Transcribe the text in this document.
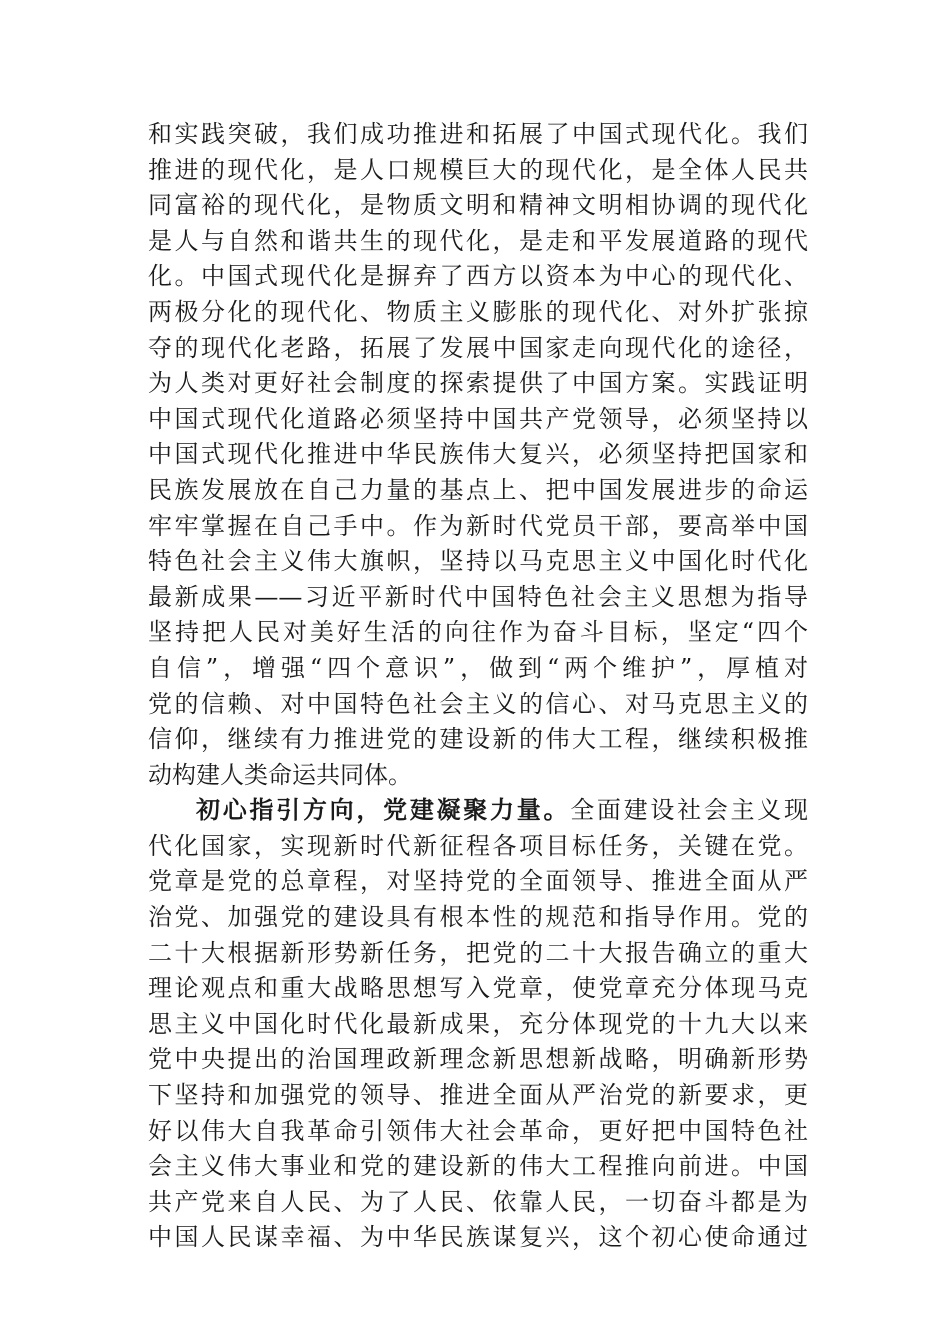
和实践突破，我们成功推进和拓展了中国式现代化。我们
推进的现代化，是人口规模巨大的现代化，是全体人民共
同富裕的现代化，是物质文明和精神文明相协调的现代化
是人与自然和谐共生的现代化，是走和平发展道路的现代
化。中国式现代化是摒弃了西方以资本为中心的现代化、
两极分化的现代化、物质主义膨胀的现代化、对外扩张掠
夺的现代化老路，拓展了发展中国家走向现代化的途径，
为人类对更好社会制度的探索提供了中国方案。实践证明
中国式现代化道路必须坚持中国共产党领导，必须坚持以
中国式现代化推进中华民族伟大复兴，必须坚持把国家和
民族发展放在自己力量的基点上、把中国发展进步的命运
牢牢掌握在自己手中。作为新时代党员干部，要高举中国
特色社会主义伟大旗帜，坚持以马克思主义中国化时代化
最新成果——习近平新时代中国特色社会主义思想为指导
坚持把人民对美好生活的向往作为奋斗目标，坚定“四个
自信”，增强“四个意识”，做到“两个维护”，厚植对
党的信赖、对中国特色社会主义的信心、对马克思主义的
信仰，继续有力推进党的建设新的伟大工程，继续积极推
动构建人类命运共同体。
初心指引方向，党建凝聚力量。全面建设社会主义现
代化国家，实现新时代新征程各项目标任务，关键在党。
党章是党的总章程，对坚持党的全面领导、推进全面从严
治党、加强党的建设具有根本性的规范和指导作用。党的
二十大根据新形势新任务，把党的二十大报告确立的重大
理论观点和重大战略思想写入党章，使党章充分体现马克
思主义中国化时代化最新成果，充分体现党的十九大以来
党中央提出的治国理政新理念新思想新战略，明确新形势
下坚持和加强党的领导、推进全面从严治党的新要求，更
好以伟大自我革命引领伟大社会革命，更好把中国特色社
会主义伟大事业和党的建设新的伟大工程推向前进。中国
共产党来自人民、为了人民、依靠人民，一切奋斗都是为
中国人民谋幸福、为中华民族谋复兴，这个初心使命通过
